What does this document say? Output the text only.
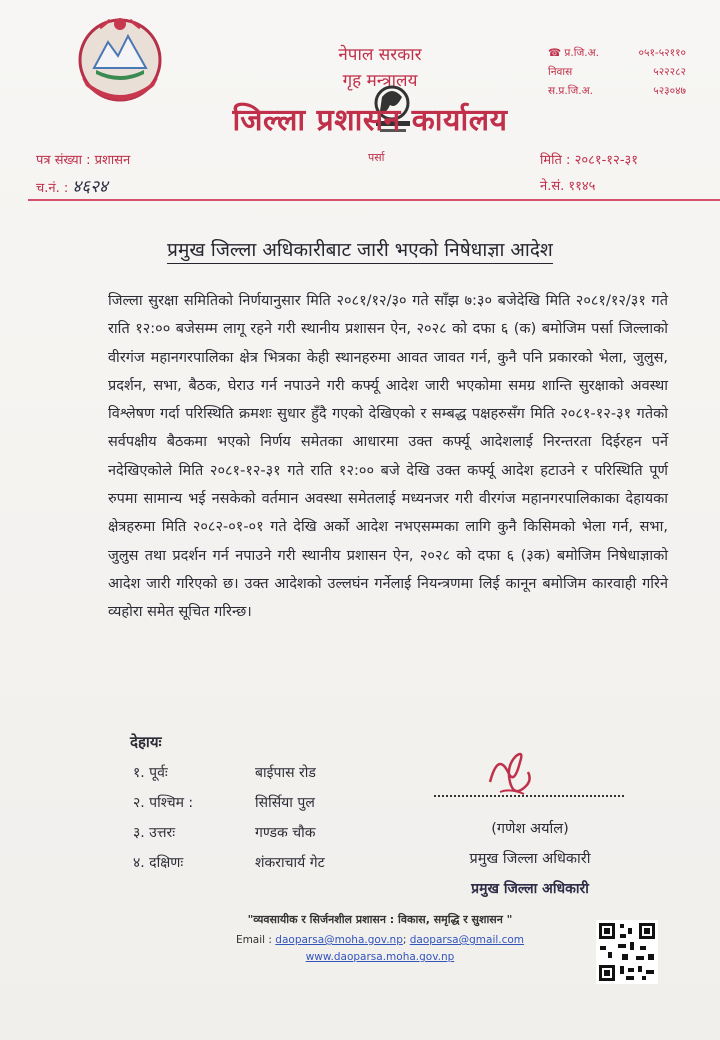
नेपाल सरकार
गृह मन्त्रालय
जिल्ला प्रशासन कार्यालय
पर्सा
☎ प्र.जि.अ.	०५१-५२११०
निवास	५२२२८२
स.प्र.जि.अ.	५२३०४७
पत्र संख्या : प्रशासन
च.नं. : ४६२४
मिति : २०८१-१२-३१
ने.सं. ११४५
प्रमुख जिल्ला अधिकारीबाट जारी भएको निषेधाज्ञा आदेश
जिल्ला सुरक्षा समितिको निर्णयानुसार मिति २०८१/१२/३० गते साँझ ७:३० बजेदेखि मिति २०८१/१२/३१ गते राति १२:०० बजेसम्म लागू रहने गरी स्थानीय प्रशासन ऐन, २०२८ को दफा ६ (क) बमोजिम पर्सा जिल्लाको वीरगंज महानगरपालिका क्षेत्र भित्रका केही स्थानहरुमा आवत जावत गर्न, कुनै पनि प्रकारको भेला, जुलुस, प्रदर्शन, सभा, बैठक, घेराउ गर्न नपाउने गरी कर्फ्यू आदेश जारी भएकोमा समग्र शान्ति सुरक्षाको अवस्था विश्लेषण गर्दा परिस्थिति क्रमशः सुधार हुँदै गएको देखिएको र सम्बद्ध पक्षहरुसँग मिति २०८१-१२-३१ गतेको सर्वपक्षीय बैठकमा भएको निर्णय समेतका आधारमा उक्त कर्फ्यू आदेशलाई निरन्तरता दिईरहन पर्ने नदेखिएकोले मिति २०८१-१२-३१ गते राति १२:०० बजे देखि उक्त कर्फ्यू आदेश हटाउने र परिस्थिति पूर्ण रुपमा सामान्य भई नसकेको वर्तमान अवस्था समेतलाई मध्यनजर गरी वीरगंज महानगरपालिकाका देहायका क्षेत्रहरुमा मिति २०८२-०१-०१ गते देखि अर्को आदेश नभएसम्मका लागि कुनै किसिमको भेला गर्न, सभा, जुलुस तथा प्रदर्शन गर्न नपाउने गरी स्थानीय प्रशासन ऐन, २०२८ को दफा ६ (३क) बमोजिम निषेधाज्ञाको आदेश जारी गरिएको छ। उक्त आदेशको उल्लघंन गर्नेलाई नियन्त्रणमा लिई कानून बमोजिम कारवाही गरिने व्यहोरा समेत सूचित गरिन्छ।
देहायः
१. पूर्वः	बाईपास रोड
२. पश्चिम :	सिर्सिया पुल
३. उत्तरः	गण्डक चौक
४. दक्षिणः	शंकराचार्य गेट
(गणेश अर्याल)
प्रमुख जिल्ला अधिकारी
प्रमुख जिल्ला अधिकारी
"व्यवसायीक र सिर्जनशील प्रशासन : विकास, समृद्धि र सुशासन "
Email : daoparsa@moha.gov.np; daoparsa@gmail.com
www.daoparsa.moha.gov.np
